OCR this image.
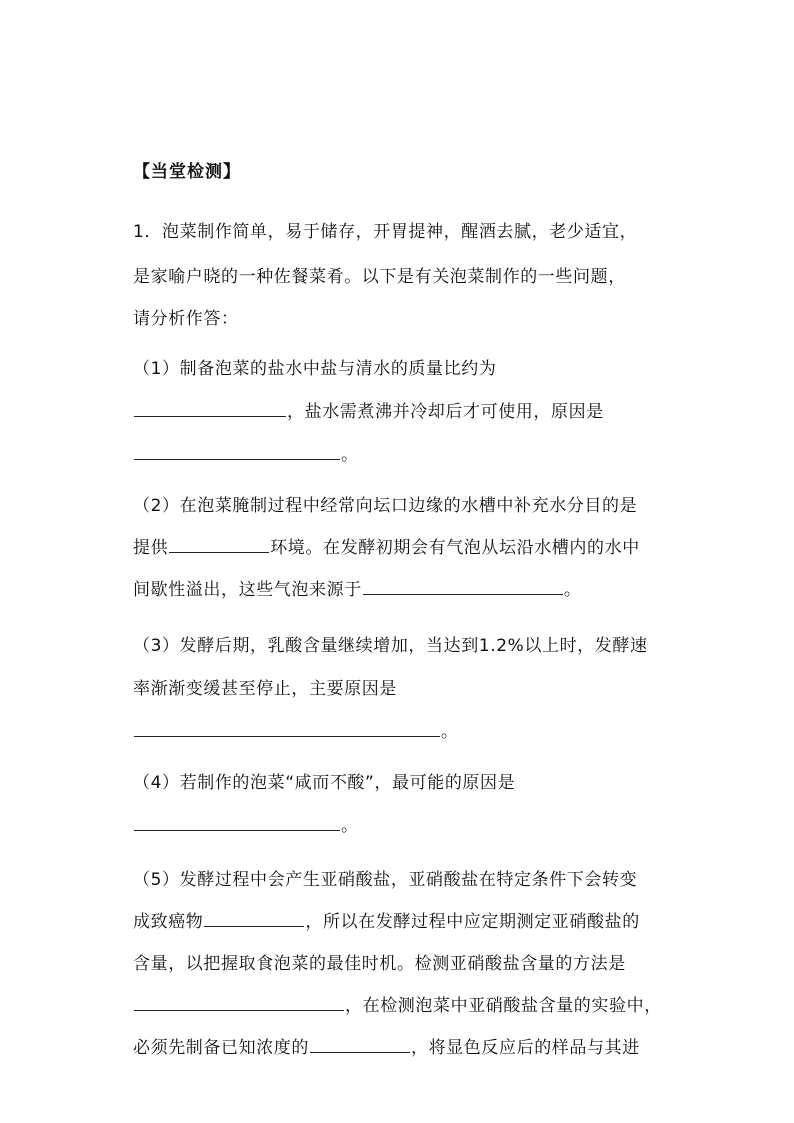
【当堂检测】
1．泡菜制作简单，易于储存，开胃提神，醒酒去腻，老少适宜，
是家喻户晓的一种佐餐菜肴。以下是有关泡菜制作的一些问题，
请分析作答：
（1）制备泡菜的盐水中盐与清水的质量比约为
，盐水需煮沸并冷却后才可使用，原因是
。
（2）在泡菜腌制过程中经常向坛口边缘的水槽中补充水分目的是
提供	环境。在发酵初期会有气泡从坛沿水槽内的水中
间歇性溢出，这些气泡来源于	。
（3）发酵后期，乳酸含量继续增加，当达到1.2%以上时，发酵速
率渐渐变缓甚至停止，主要原因是
。
（4）若制作的泡菜“咸而不酸”，最可能的原因是
。
（5）发酵过程中会产生亚硝酸盐，亚硝酸盐在特定条件下会转变
成致癌物	，所以在发酵过程中应定期测定亚硝酸盐的
含量，以把握取食泡菜的最佳时机。检测亚硝酸盐含量的方法是
，在检测泡菜中亚硝酸盐含量的实验中，
必须先制备已知浓度的	，将显色反应后的样品与其进
